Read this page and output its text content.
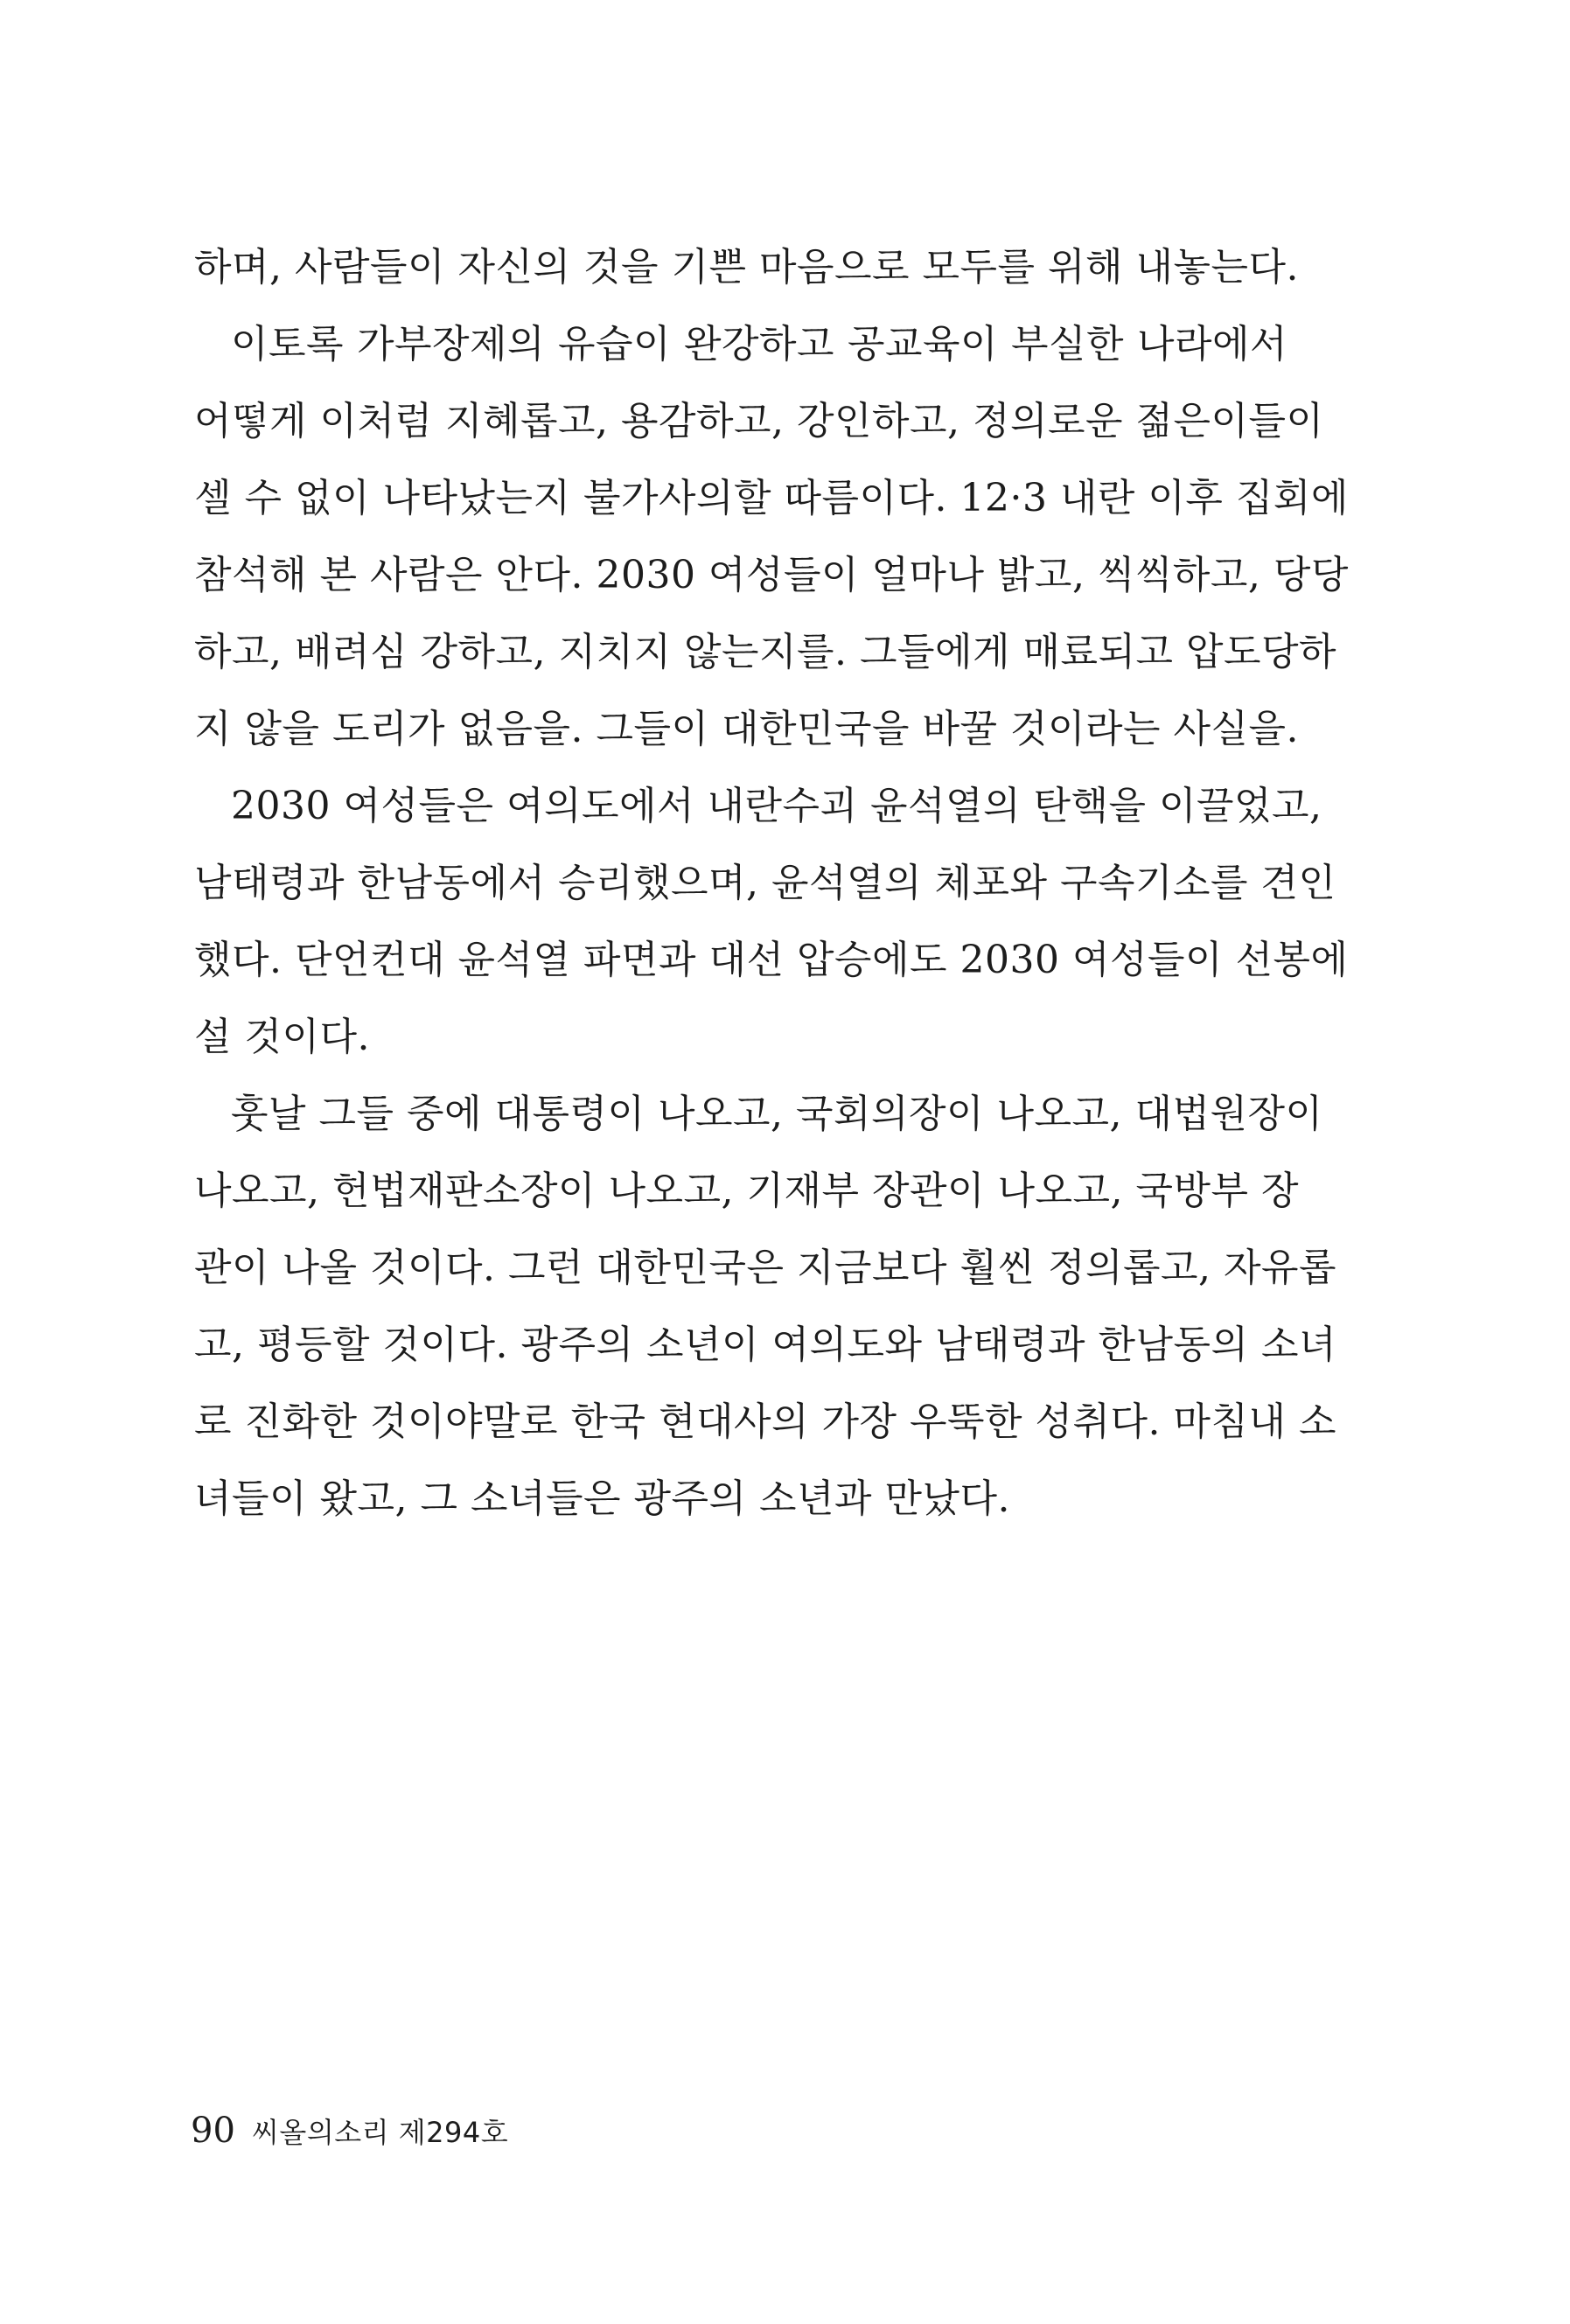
하며, 사람들이 자신의 것을 기쁜 마음으로 모두를 위해 내놓는다.
이토록 가부장제의 유습이 완강하고 공교육이 부실한 나라에서
어떻게 이처럼 지혜롭고, 용감하고, 강인하고, 정의로운 젊은이들이
셀 수 없이 나타났는지 불가사의할 따름이다. 12·3 내란 이후 집회에
참석해 본 사람은 안다. 2030 여성들이 얼마나 밝고, 씩씩하고, 당당
하고, 배려심 강하고, 지치지 않는지를. 그들에게 매료되고 압도당하
지 않을 도리가 없음을. 그들이 대한민국을 바꿀 것이라는 사실을.
2030 여성들은 여의도에서 내란수괴 윤석열의 탄핵을 이끌었고,
남태령과 한남동에서 승리했으며, 윤석열의 체포와 구속기소를 견인
했다. 단언컨대 윤석열 파면과 대선 압승에도 2030 여성들이 선봉에
설 것이다.
훗날 그들 중에 대통령이 나오고, 국회의장이 나오고, 대법원장이
나오고, 헌법재판소장이 나오고, 기재부 장관이 나오고, 국방부 장
관이 나올 것이다. 그런 대한민국은 지금보다 훨씬 정의롭고, 자유롭
고, 평등할 것이다. 광주의 소년이 여의도와 남태령과 한남동의 소녀
로 진화한 것이야말로 한국 현대사의 가장 우뚝한 성취다. 마침내 소
녀들이 왔고, 그 소녀들은 광주의 소년과 만났다.
90 씨올의소리 제294호
